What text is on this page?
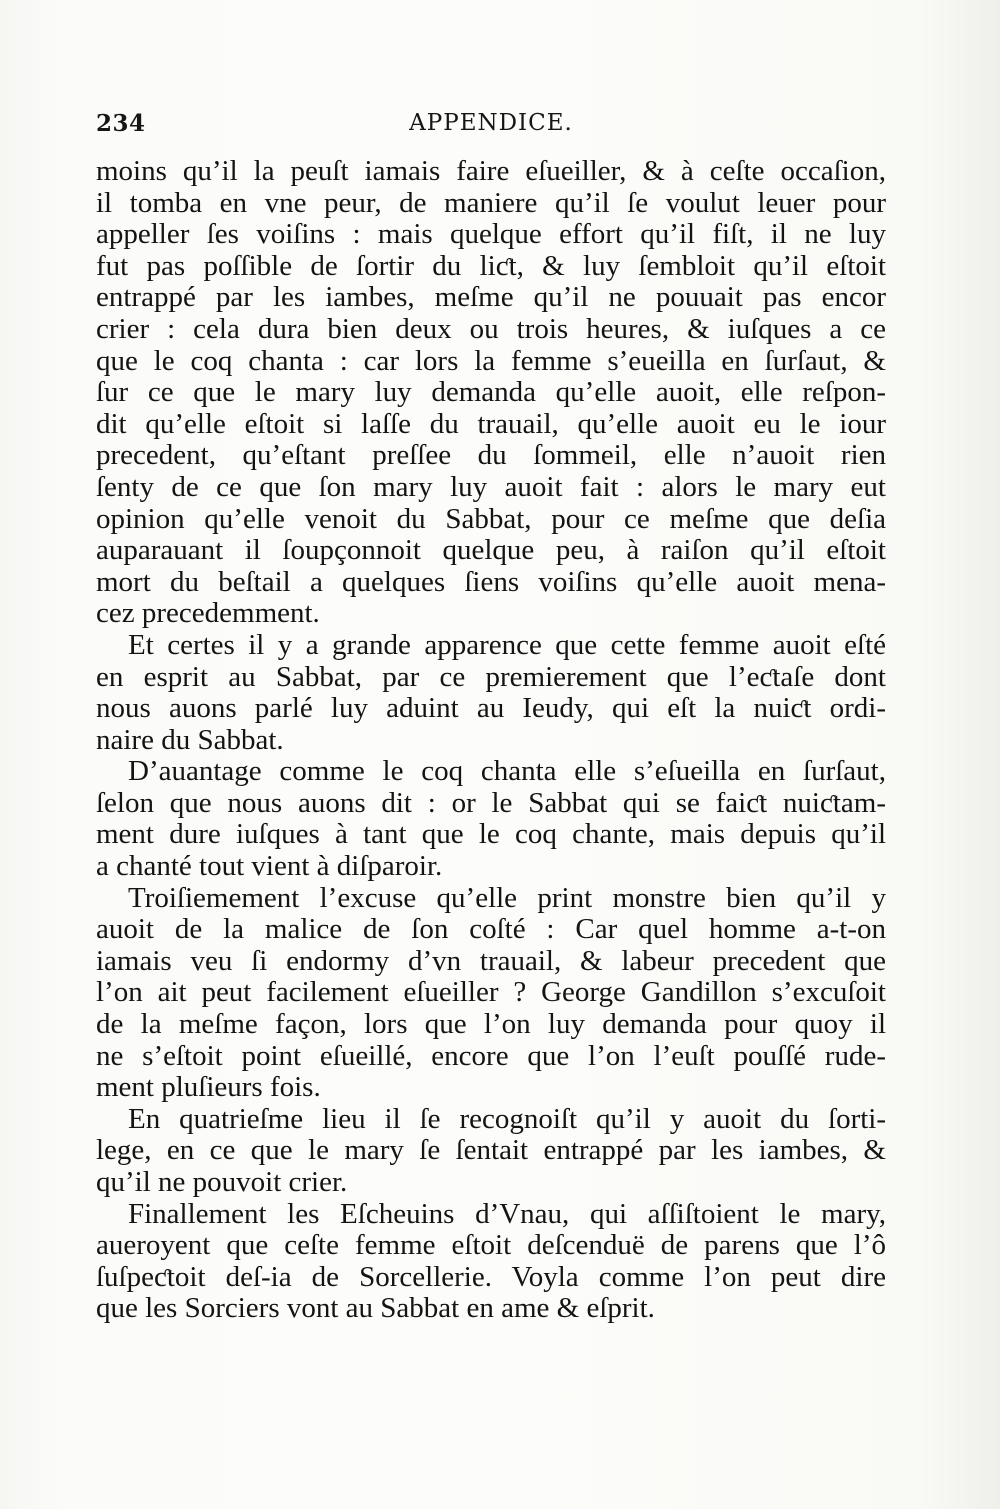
234	APPENDICE.
moins qu’il la peuſt iamais faire eſueiller, & à ceſte occaſion,
il tomba en vne peur, de maniere qu’il ſe voulut leuer pour
appeller ſes voiſins : mais quelque effort qu’il fiſt, il ne luy
fut pas poſſible de ſortir du liƈt, & luy ſembloit qu’il eſtoit
entrappé par les iambes, meſme qu’il ne pouuait pas encor
crier : cela dura bien deux ou trois heures, & iuſques a ce
que le coq chanta : car lors la femme s’eueilla en ſurſaut, &
ſur ce que le mary luy demanda qu’elle auoit, elle reſpon-
dit qu’elle eſtoit si laſſe du trauail, qu’elle auoit eu le iour
precedent, qu’eſtant preſſee du ſommeil, elle n’auoit rien
ſenty de ce que ſon mary luy auoit fait : alors le mary eut
opinion qu’elle venoit du Sabbat, pour ce meſme que deſia
auparauant il ſoupçonnoit quelque peu, à raiſon qu’il eſtoit
mort du beſtail a quelques ſiens voiſins qu’elle auoit mena-
cez precedemment.
Et certes il y a grande apparence que cette femme auoit eſté
en esprit au Sabbat, par ce premierement que l’eƈtaſe dont
nous auons parlé luy aduint au Ieudy, qui eſt la nuiƈt ordi-
naire du Sabbat.
D’auantage comme le coq chanta elle s’eſueilla en ſurſaut,
ſelon que nous auons dit : or le Sabbat qui se faiƈt nuiƈtam-
ment dure iuſques à tant que le coq chante, mais depuis qu’il
a chanté tout vient à diſparoir.
Troiſiemement l’excuse qu’elle print monstre bien qu’il y
auoit de la malice de ſon coſté : Car quel homme a-t-on
iamais veu ſi endormy d’vn trauail, & labeur precedent que
l’on ait peut facilement eſueiller ? George Gandillon s’excuſoit
de la meſme façon, lors que l’on luy demanda pour quoy il
ne s’eſtoit point eſueillé, encore que l’on l’euſt pouſſé rude-
ment pluſieurs fois.
En quatrieſme lieu il ſe recognoiſt qu’il y auoit du ſorti-
lege, en ce que le mary ſe ſentait entrappé par les iambes, &
qu’il ne pouvoit crier.
Finallement les Eſcheuins d’Vnau, qui aſſiſtoient le mary,
aueroyent que ceſte femme eſtoit deſcenduë de parens que l’ô
ſuſpeƈtoit deſ-ia de Sorcellerie. Voyla comme l’on peut dire
que les Sorciers vont au Sabbat en ame & eſprit.
